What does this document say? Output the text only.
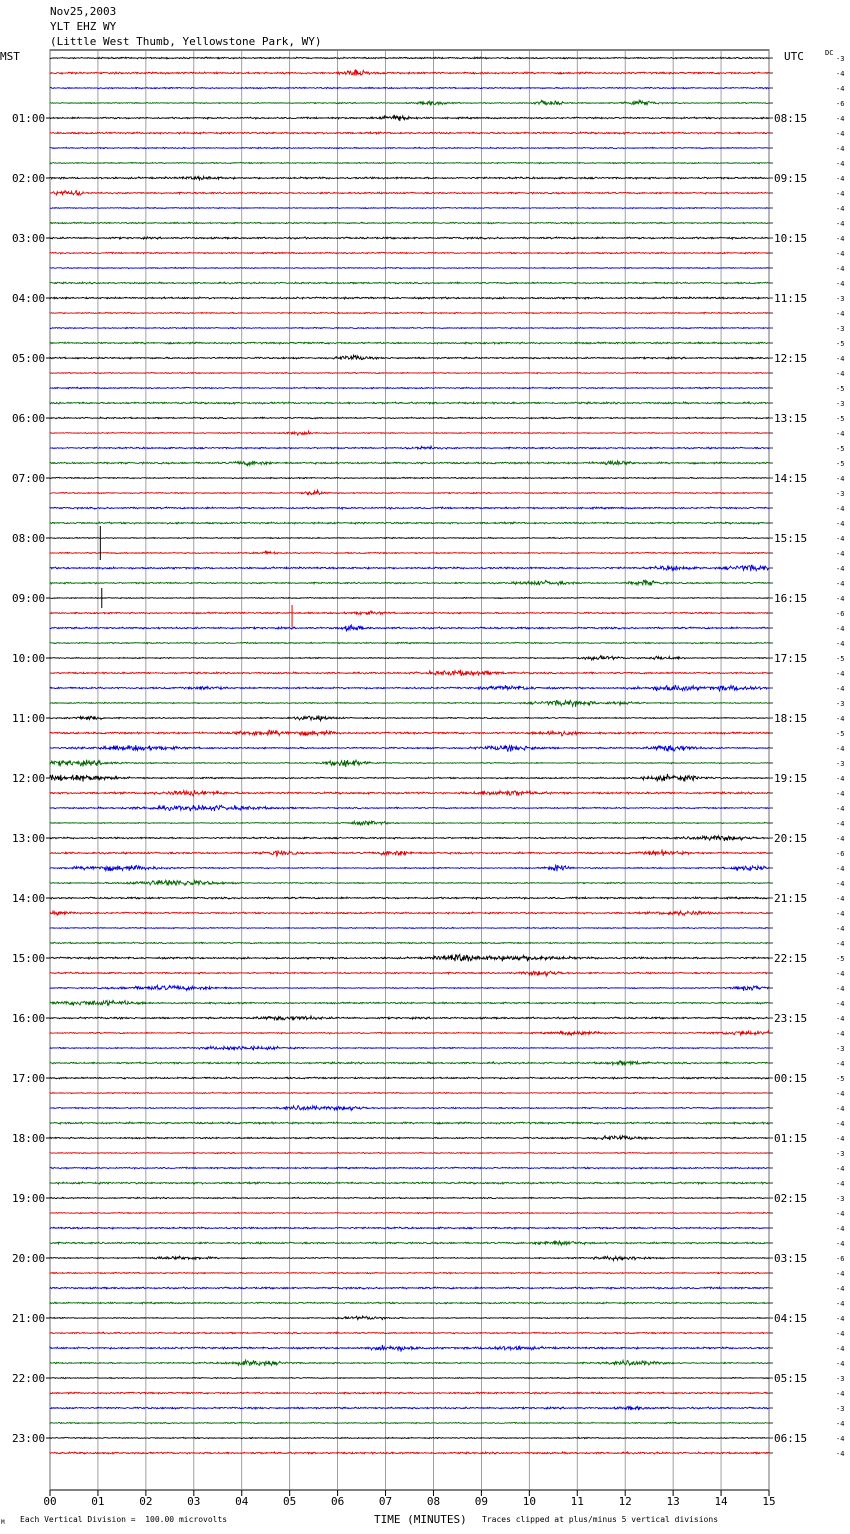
Nov25,2003
YLT EHZ WY
(Little West Thumb, Yellowstone Park, WY)
00	01	02	03	04	05	06	07	08	09	10	11	12	13	14	15
-3
-4
-4
-6
-4
-4
-4
-4
-4
-4
-4
-4
-4
-4
-4
-4
-3
-4
-3
-5
-4
-4
-5
-3
-5
-4
-5
-5
-4
-3
-4
-4
-4
-4
-4
-4
-4
-6
-4
-4
-5
-4
-4
-3
-4
-5
-4
-3
-4
-4
-4
-4
-4
-6
-4
-4
-4
-4
-4
-4
-5
-4
-4
-4
-4
-4
-3
-4
-5
-4
-4
-4
-4
-3
-4
-4
-3
-4
-4
-4
-6
-4
-4
-4
-4
-4
-4
-4
-3
-4
-3
-4
-4
-4
01:00
02:00
03:00
04:00
05:00
06:00
07:00
08:00
09:00
10:00
11:00
12:00
13:00
14:00
15:00
16:00
17:00
18:00
19:00
20:00
21:00
22:00
23:00
08:15
09:15
10:15
11:15
12:15
13:15
14:15
15:15
16:15
17:15
18:15
19:15
20:15
21:15
22:15
23:15
00:15
01:15
02:15
03:15
04:15
05:15
06:15
MST	UTC	DC
TIME (MINUTES)
Each Vertical Division =  100.00 microvolts	Traces clipped at plus/minus 5 vertical divisions
M
